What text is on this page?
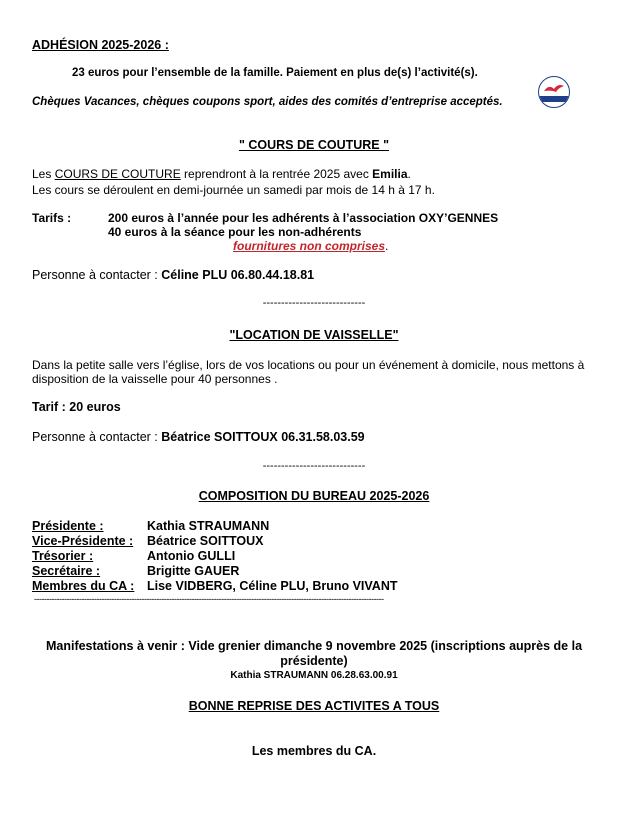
ADHÉSION 2025-2026 :
23 euros pour l’ensemble de la famille. Paiement en plus de(s) l’activité(s).
Chèques Vacances, chèques coupons sport, aides des comités d’entreprise acceptés.
" COURS DE COUTURE "
Les COURS DE COUTURE reprendront à la rentrée 2025 avec Emilia.
Les cours se déroulent en demi-journée un samedi par mois de 14 h à 17 h.
Tarifs :	200 euros à l’année pour les adhérents à l’association OXY’GENNES
40 euros à la séance pour les non-adhérents
fournitures non comprises.
Personne à contacter : Céline PLU 06.80.44.18.81
----------------------------
"LOCATION DE VAISSELLE"
Dans la petite salle vers l’église, lors de vos locations ou pour un événement à domicile, nous mettons à
disposition de la vaisselle pour 40 personnes .
Tarif : 20 euros
Personne à contacter : Béatrice SOITTOUX 06.31.58.03.59
----------------------------
COMPOSITION DU BUREAU 2025-2026
Présidente :	Kathia STRAUMANN
Vice-Présidente : Béatrice SOITTOUX
Trésorier :	Antonio GULLI
Secrétaire :	Brigitte GAUER
Membres du CA : Lise VIDBERG, Céline PLU, Bruno VIVANT
--------------------------------------------------------------------------------------------------------------------------------------------
Manifestations à venir : Vide grenier dimanche 9 novembre 2025 (inscriptions auprès de la
présidente)
Kathia STRAUMANN 06.28.63.00.91
BONNE REPRISE DES ACTIVITES A TOUS
Les membres du CA.
